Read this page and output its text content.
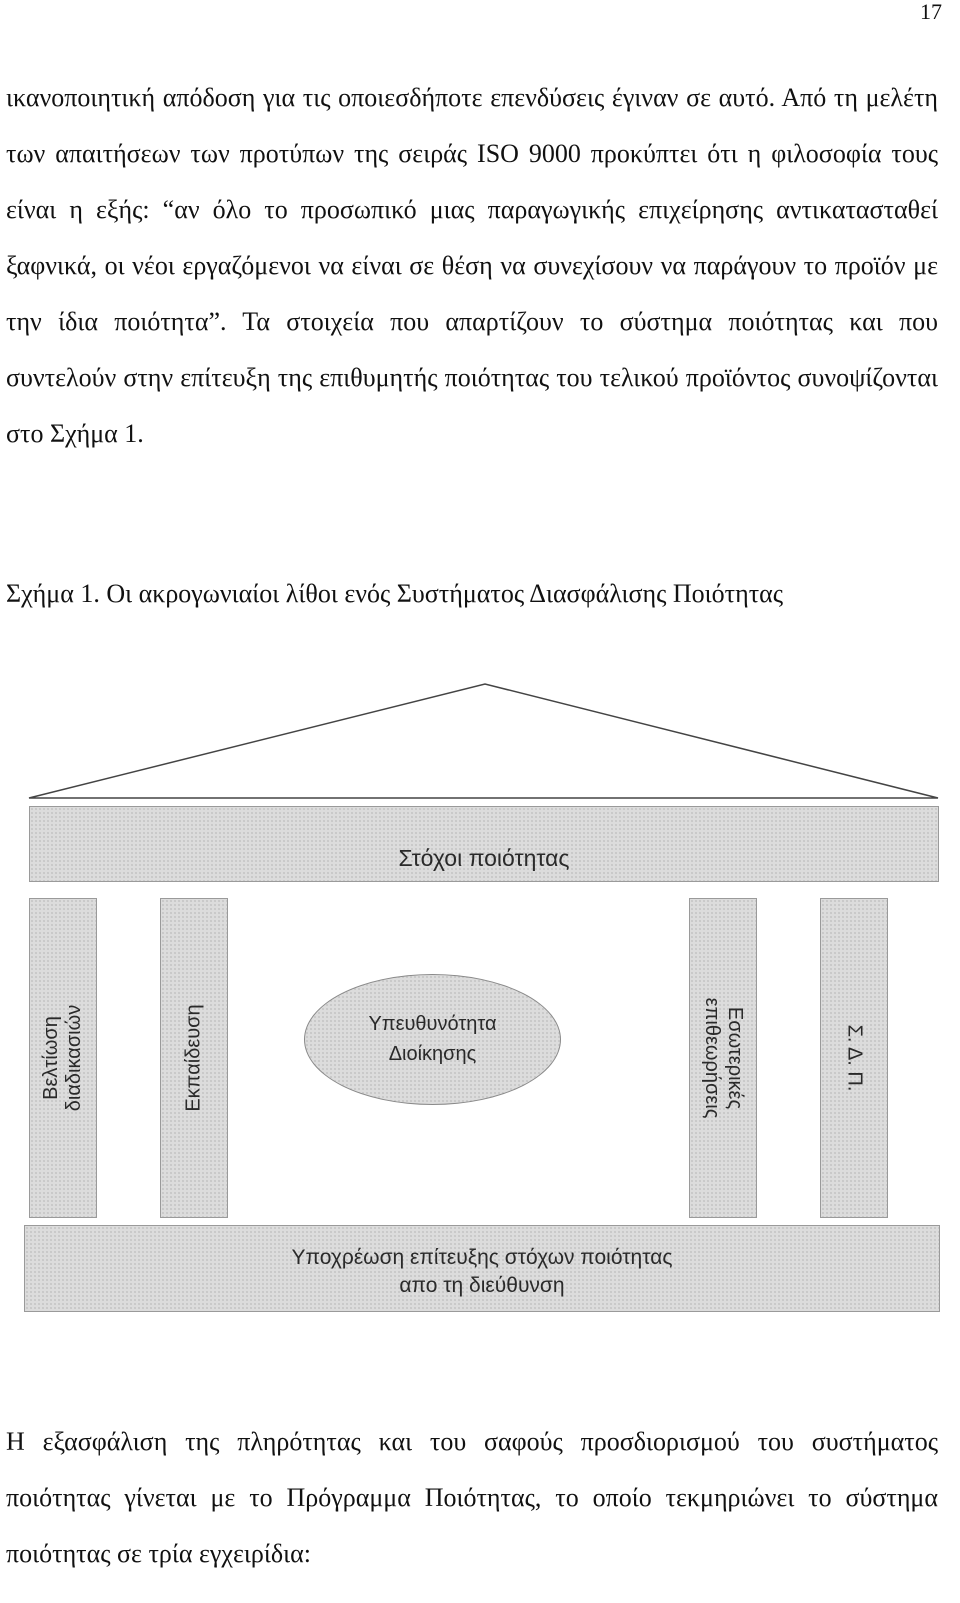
17

ικανοποιητική απόδοση για τις οποιεσδήποτε επενδύσεις έγιναν σε αυτό. Από τη μελέτη των απαιτήσεων των προτύπων της σειράς ISO 9000 προκύπτει ότι η φιλοσοφία τους είναι η εξής: “αν όλο το προσωπικό μιας παραγωγικής επιχείρησης αντικατασταθεί ξαφνικά, οι νέοι εργαζόμενοι να είναι σε θέση να συνεχίσουν να παράγουν το προϊόν με την ίδια ποιότητα”. Τα στοιχεία που απαρτίζουν το σύστημα ποιότητας και που συντελούν στην επίτευξη της επιθυμητής ποιότητας του τελικού προϊόντος συνοψίζονται στο Σχήμα 1.

Σχήμα 1. Οι ακρογωνιαίοι λίθοι ενός Συστήματος Διασφάλισης Ποιότητας

Στόχοι ποιότητας
Βελτίωση διαδικασιών	Εκπαίδευση	Υπευθυνότητα
Διοίκησης	Εσωτερικές
επιθεωρήσεις	Σ. Δ. Π.
Υποχρέωση επίτευξης στόχων ποιότητας
απο τη διεύθυνση

Η εξασφάλιση της πληρότητας και του σαφούς προσδιορισμού του συστήματος ποιότητας γίνεται με το Πρόγραμμα Ποιότητας, το οποίο τεκμηριώνει το σύστημα ποιότητας σε τρία εγχειρίδια:
